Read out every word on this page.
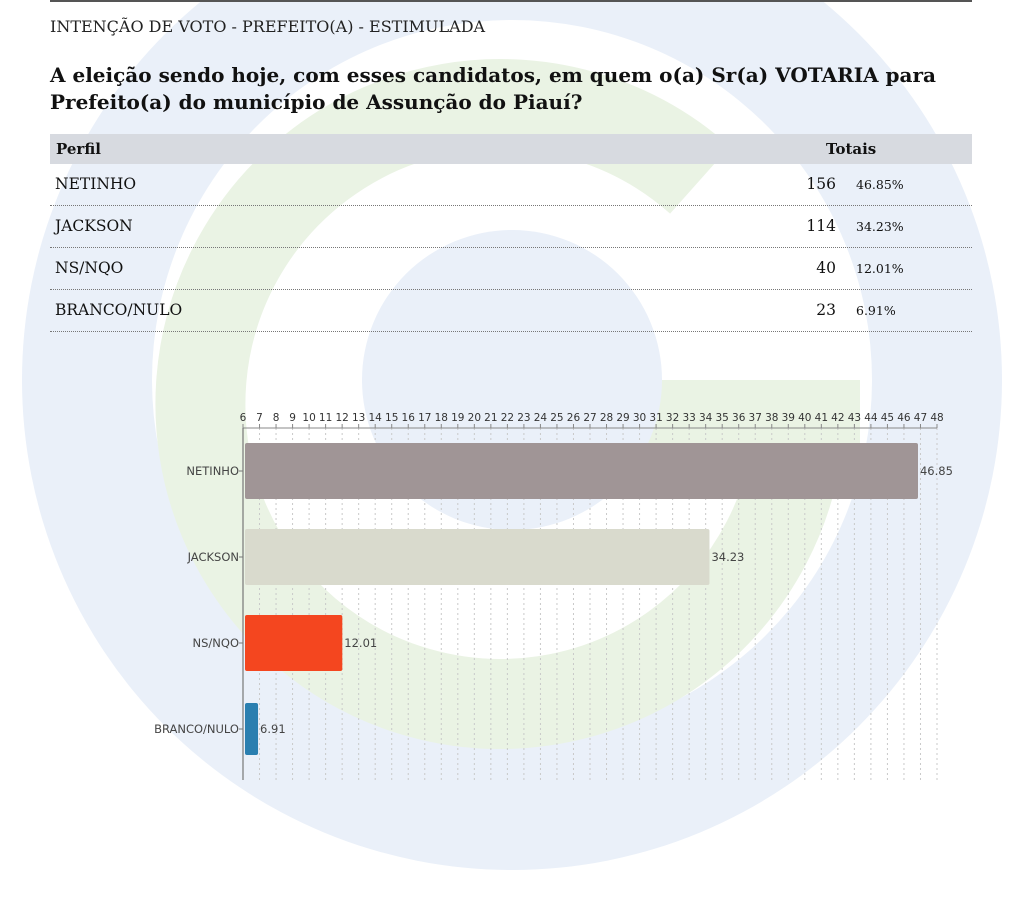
INTENÇÃO DE VOTO - PREFEITO(A) - ESTIMULADA
A eleição sendo hoje, com esses candidatos, em quem o(a) Sr(a) VOTARIA para Prefeito(a) do município de Assunção do Piauí?
Perfil	Totais
NETINHO	156 46.85%
JACKSON	114 34.23%
NS/NQO	40 12.01%
BRANCO/NULO	23 6.91%
6 7 8 9 10 11 12 13 14 15 16 17 18 19 20 21 22 23 24 25 26 27 28 29 30 31 32 33 34 35 36 37 38 39 40 41 42 43 44 45 46 47 48
NETINHO	46.85
JACKSON	34.23
NS/NQO	12.01
BRANCO/NULO 6.91
